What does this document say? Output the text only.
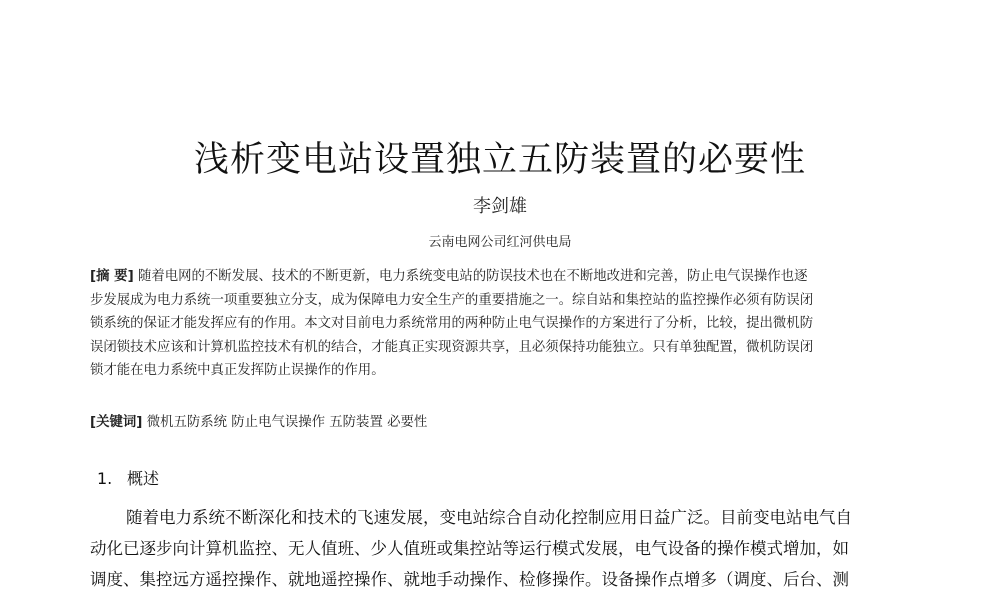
浅析变电站设置独立五防装置的必要性
李剑雄
云南电网公司红河供电局
[摘 要] 随着电网的不断发展、技术的不断更新，电力系统变电站的防误技术也在不断地改进和完善，防止电气误操作也逐
步发展成为电力系统一项重要独立分支，成为保障电力安全生产的重要措施之一。综自站和集控站的监控操作必须有防误闭
锁系统的保证才能发挥应有的作用。本文对目前电力系统常用的两种防止电气误操作的方案进行了分析，比较，提出微机防
误闭锁技术应该和计算机监控技术有机的结合，才能真正实现资源共享，且必须保持功能独立。只有单独配置，微机防误闭
锁才能在电力系统中真正发挥防止误操作的作用。
[关键词] 微机五防系统 防止电气误操作 五防装置 必要性
1. 概述
随着电力系统不断深化和技术的飞速发展，变电站综合自动化控制应用日益广泛。目前变电站电气自
动化已逐步向计算机监控、无人值班、少人值班或集控站等运行模式发展，电气设备的操作模式增加，如
调度、集控远方遥控操作、就地遥控操作、就地手动操作、检修操作。设备操作点增多（调度、后台、测
